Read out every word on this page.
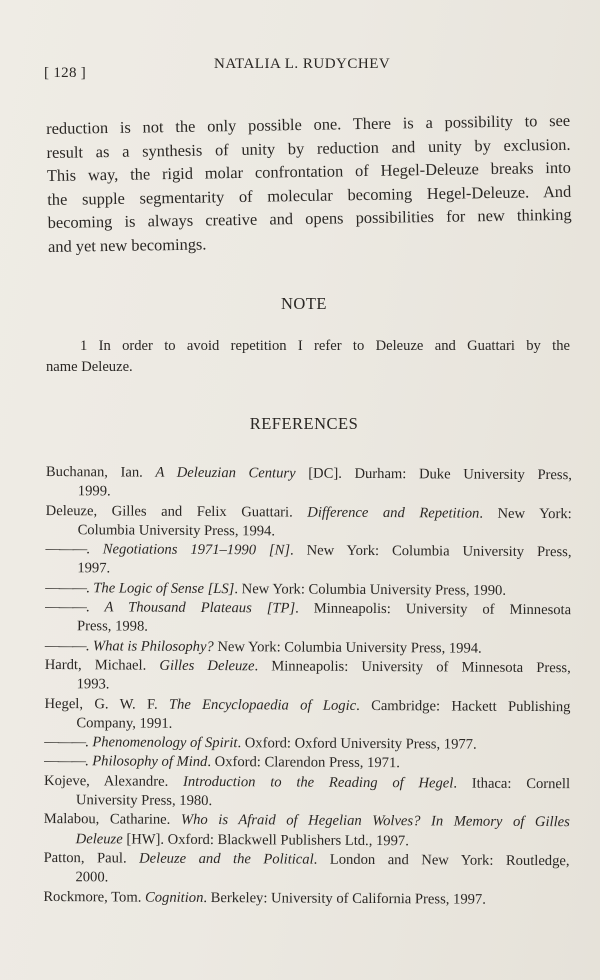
[ 128 ]
NATALIA L. RUDYCHEV
reduction is not the only possible one. There is a possibility to see
result as a synthesis of unity by reduction and unity by exclusion.
This way, the rigid molar confrontation of Hegel-Deleuze breaks into
the supple segmentarity of molecular becoming Hegel-Deleuze. And
becoming is always creative and opens possibilities for new thinking
and yet new becomings.
NOTE
1 In order to avoid repetition I refer to Deleuze and Guattari by the
name Deleuze.
REFERENCES
Buchanan, Ian. A Deleuzian Century [DC]. Durham: Duke University Press,
1999.
Deleuze, Gilles and Felix Guattari. Difference and Repetition. New York:
Columbia University Press, 1994.
———. Negotiations 1971–1990 [N]. New York: Columbia University Press,
1997.
———. The Logic of Sense [LS]. New York: Columbia University Press, 1990.
———. A Thousand Plateaus [TP]. Minneapolis: University of Minnesota
Press, 1998.
———. What is Philosophy? New York: Columbia University Press, 1994.
Hardt, Michael. Gilles Deleuze. Minneapolis: University of Minnesota Press,
1993.
Hegel, G. W. F. The Encyclopaedia of Logic. Cambridge: Hackett Publishing
Company, 1991.
———. Phenomenology of Spirit. Oxford: Oxford University Press, 1977.
———. Philosophy of Mind. Oxford: Clarendon Press, 1971.
Kojeve, Alexandre. Introduction to the Reading of Hegel. Ithaca: Cornell
University Press, 1980.
Malabou, Catharine. Who is Afraid of Hegelian Wolves? In Memory of Gilles
Deleuze [HW]. Oxford: Blackwell Publishers Ltd., 1997.
Patton, Paul. Deleuze and the Political. London and New York: Routledge,
2000.
Rockmore, Tom. Cognition. Berkeley: University of California Press, 1997.
